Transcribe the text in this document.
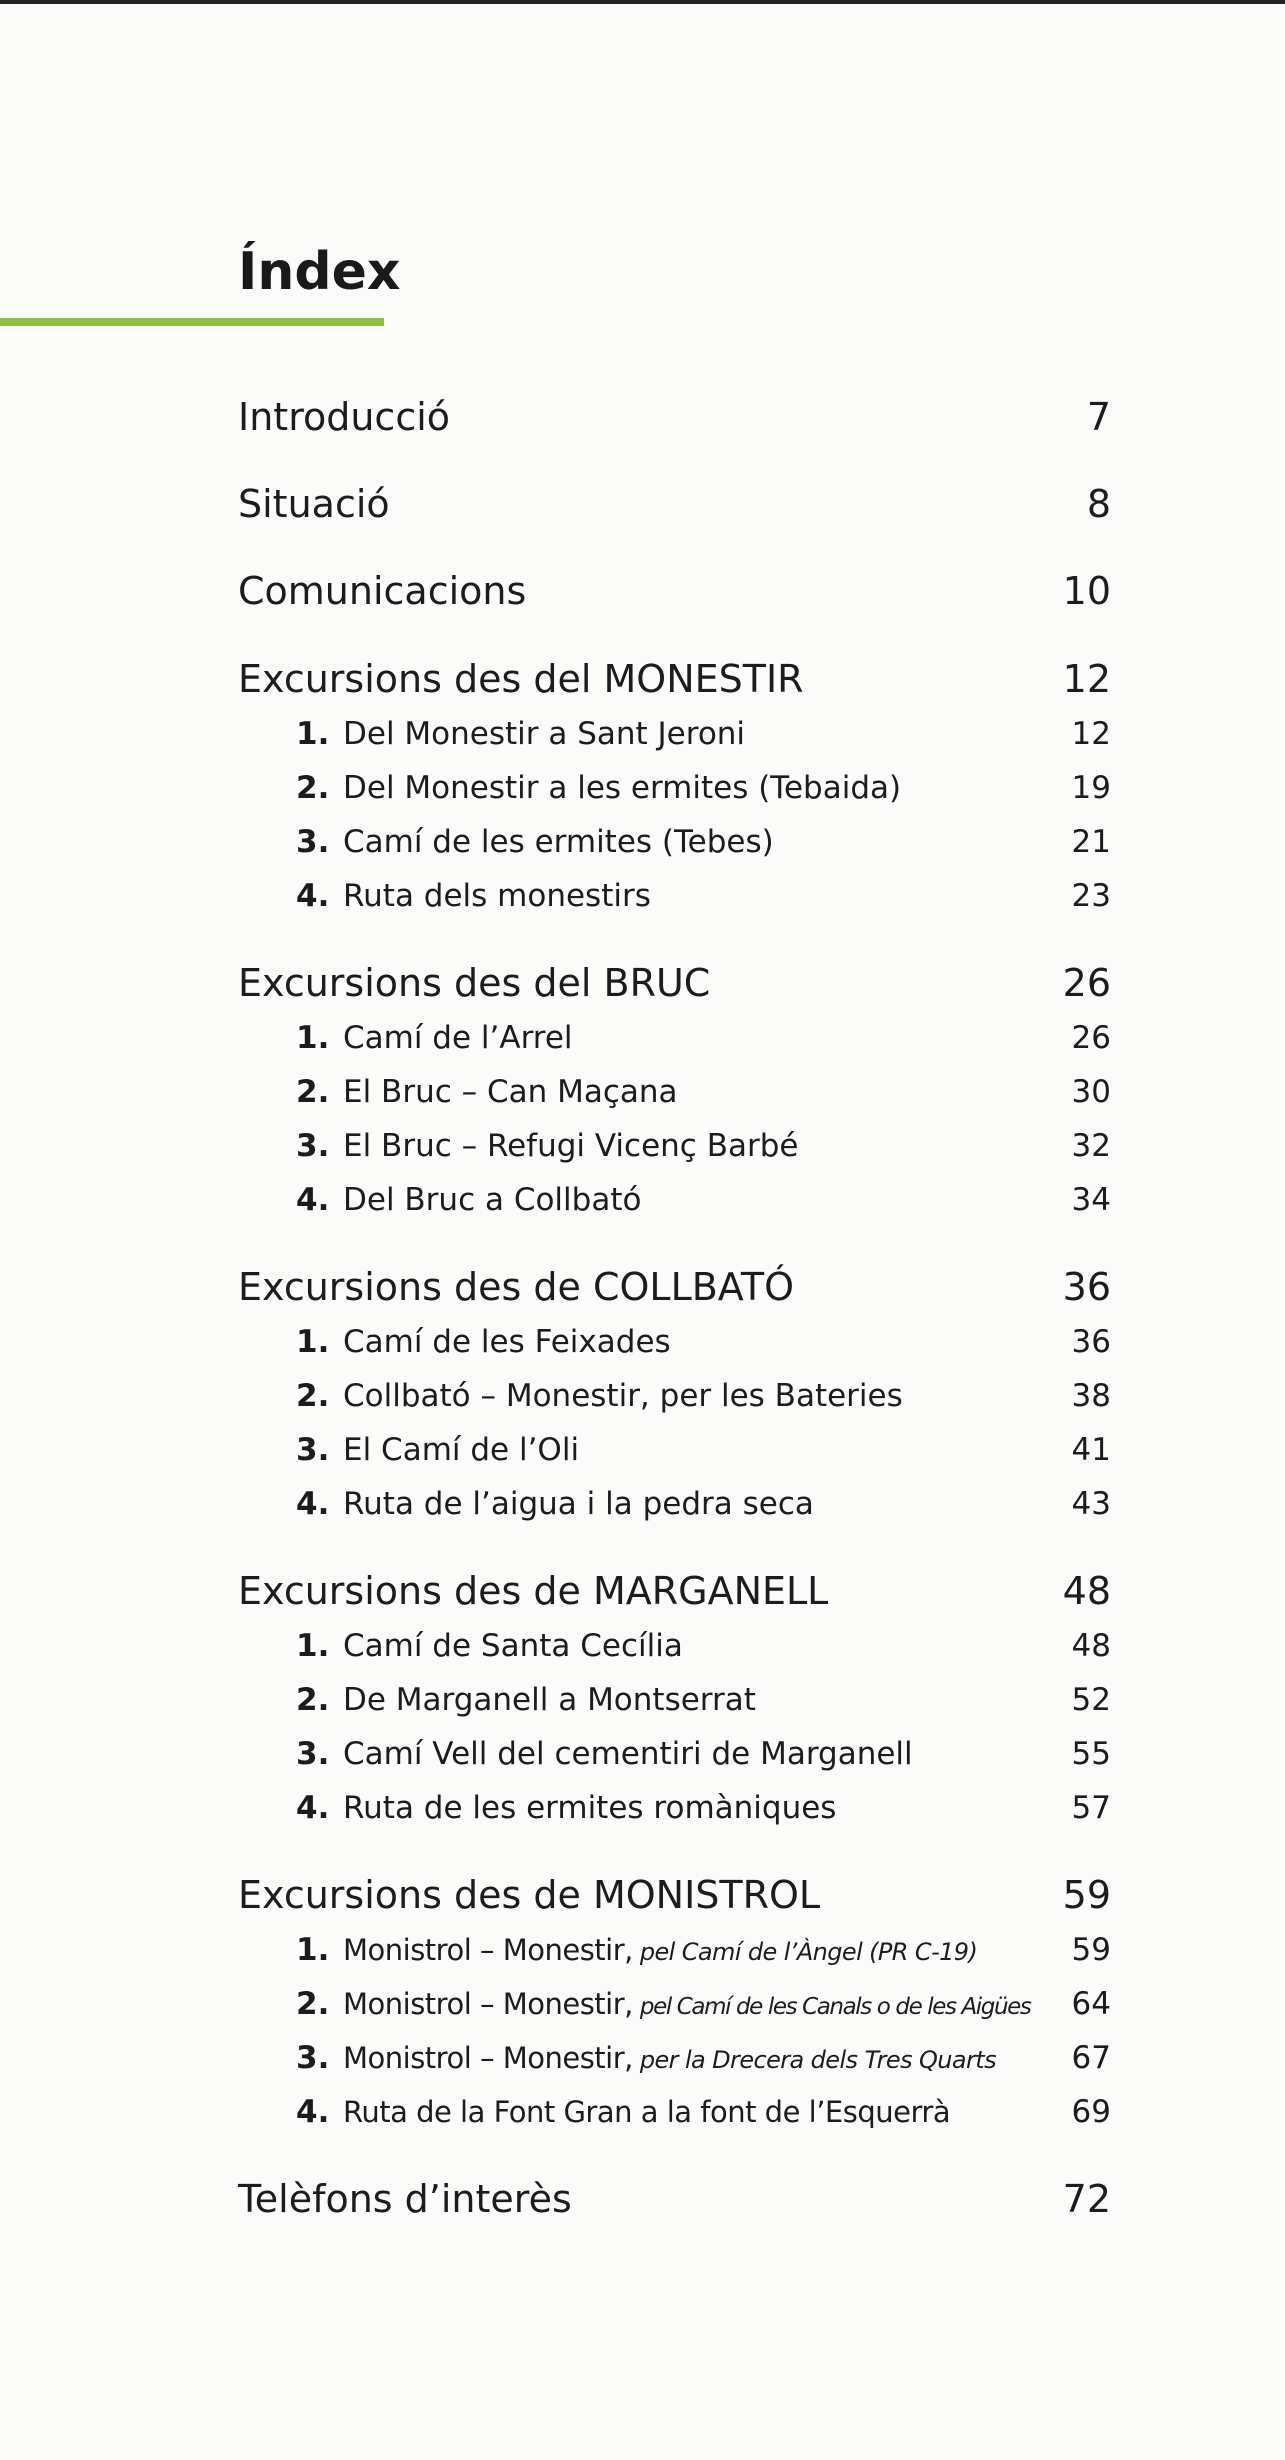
Índex
Introducció	7
Situació	8
Comunicacions	10
Excursions des del MONESTIR	12
1. Del Monestir a Sant Jeroni	12
2. Del Monestir a les ermites (Tebaida)	19
3. Camí de les ermites (Tebes)	21
4. Ruta dels monestirs	23
Excursions des del BRUC	26
1. Camí de l’Arrel	26
2. El Bruc – Can Maçana	30
3. El Bruc – Refugi Vicenç Barbé	32
4. Del Bruc a Collbató	34
Excursions des de COLLBATÓ	36
1. Camí de les Feixades	36
2. Collbató – Monestir, per les Bateries	38
3. El Camí de l’Oli	41
4. Ruta de l’aigua i la pedra seca	43
Excursions des de MARGANELL	48
1. Camí de Santa Cecília	48
2. De Marganell a Montserrat	52
3. Camí Vell del cementiri de Marganell	55
4. Ruta de les ermites romàniques	57
Excursions des de MONISTROL	59
1. Monistrol – Monestir, pel Camí de l’Àngel (PR C-19)	59
2. Monistrol – Monestir, pel Camí de les Canals o de les Aigües 64
3. Monistrol – Monestir, per la Drecera dels Tres Quarts 67
4. Ruta de la Font Gran a la font de l’Esquerrà	69
Telèfons d’interès	72
